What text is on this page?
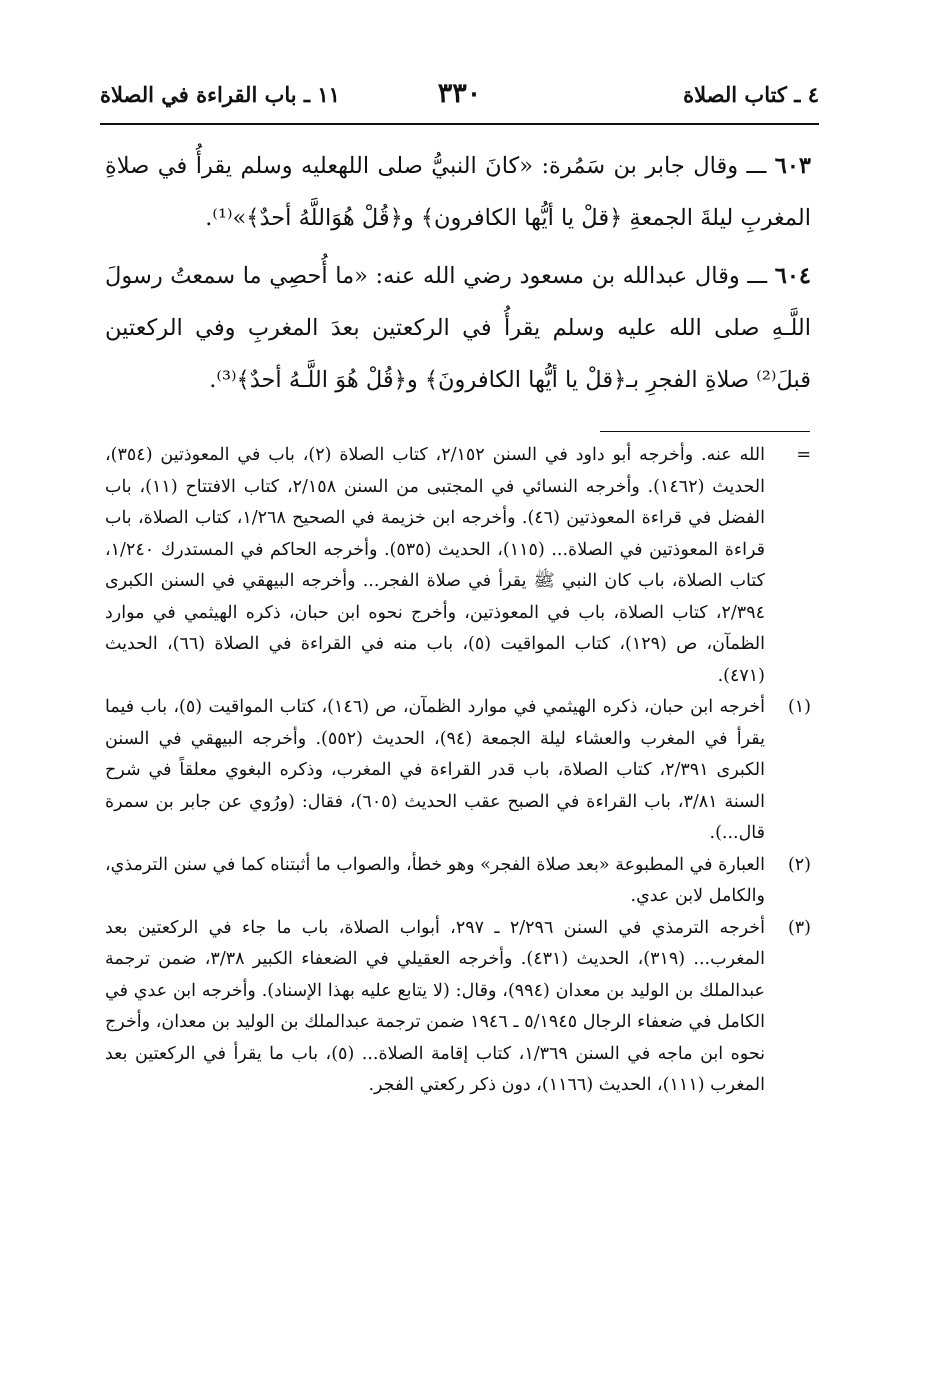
٤ ـ كتاب الصلاة
٣٣٠
١١ ـ باب القراءة في الصلاة

٦٠٣ ـــ وقال جابر بن سَمُرة: «كانَ النبيُّ صلى اللهعليه وسلم يقرأُ في صلاةِ المغربِ ليلةَ الجمعةِ ﴿قلْ يا أيُّها الكافرون﴾ و﴿قُلْ هُوَاللَّهُ أحدٌ﴾»⁽¹⁾.

٦٠٤ ـــ وقال عبدالله بن مسعود رضي الله عنه: «ما أُحصِي ما سمعتُ رسولَ اللَّـهِ صلى الله عليه وسلم يقرأُ في الركعتين بعدَ المغربِ وفي الركعتين قبلَ⁽²⁾ صلاةِ الفجرِ بـ﴿قلْ يا أيُّها الكافرونَ﴾ و﴿قُلْ هُوَ اللَّـهُ أحدٌ﴾⁽³⁾.

=
الله عنه. وأخرجه أبو داود في السنن ٢/١٥٢، كتاب الصلاة (٢)، باب في المعوذتين (٣٥٤)، الحديث (١٤٦٢). وأخرجه النسائي في المجتبى من السنن ٢/١٥٨، كتاب الافتتاح (١١)، باب الفضل في قراءة المعوذتين (٤٦). وأخرجه ابن خزيمة في الصحيح ١/٢٦٨، كتاب الصلاة، باب قراءة المعوذتين في الصلاة... (١١٥)، الحديث (٥٣٥). وأخرجه الحاكم في المستدرك ١/٢٤٠، كتاب الصلاة، باب كان النبي ﷺ يقرأ في صلاة الفجر... وأخرجه البيهقي في السنن الكبرى ٢/٣٩٤، كتاب الصلاة، باب في المعوذتين، وأخرج نحوه ابن حبان، ذكره الهيثمي في موارد الظمآن، ص (١٢٩)، كتاب المواقيت (٥)، باب منه في القراءة في الصلاة (٦٦)، الحديث (٤٧١).
(١)
أخرجه ابن حبان، ذكره الهيثمي في موارد الظمآن، ص (١٤٦)، كتاب المواقيت (٥)، باب فيما يقرأ في المغرب والعشاء ليلة الجمعة (٩٤)، الحديث (٥٥٢). وأخرجه البيهقي في السنن الكبرى ٢/٣٩١، كتاب الصلاة، باب قدر القراءة في المغرب، وذكره البغوي معلقاً في شرح السنة ٣/٨١، باب القراءة في الصبح عقب الحديث (٦٠٥)، فقال: (ورُوي عن جابر بن سمرة قال...).
(٢)
العبارة في المطبوعة «بعد صلاة الفجر» وهو خطأ، والصواب ما أثبتناه كما في سنن الترمذي، والكامل لابن عدي.
(٣)
أخرجه الترمذي في السنن ٢/٢٩٦ ـ ٢٩٧، أبواب الصلاة، باب ما جاء في الركعتين بعد المغرب... (٣١٩)، الحديث (٤٣١). وأخرجه العقيلي في الضعفاء الكبير ٣/٣٨، ضمن ترجمة عبدالملك بن الوليد بن معدان (٩٩٤)، وقال: (لا يتابع عليه بهذا الإسناد). وأخرجه ابن عدي في الكامل في ضعفاء الرجال ٥/١٩٤٥ ـ ١٩٤٦ ضمن ترجمة عبدالملك بن الوليد بن معدان، وأخرج نحوه ابن ماجه في السنن ١/٣٦٩، كتاب إقامة الصلاة... (٥)، باب ما يقرأ في الركعتين بعد المغرب (١١١)، الحديث (١١٦٦)، دون ذكر ركعتي الفجر.
